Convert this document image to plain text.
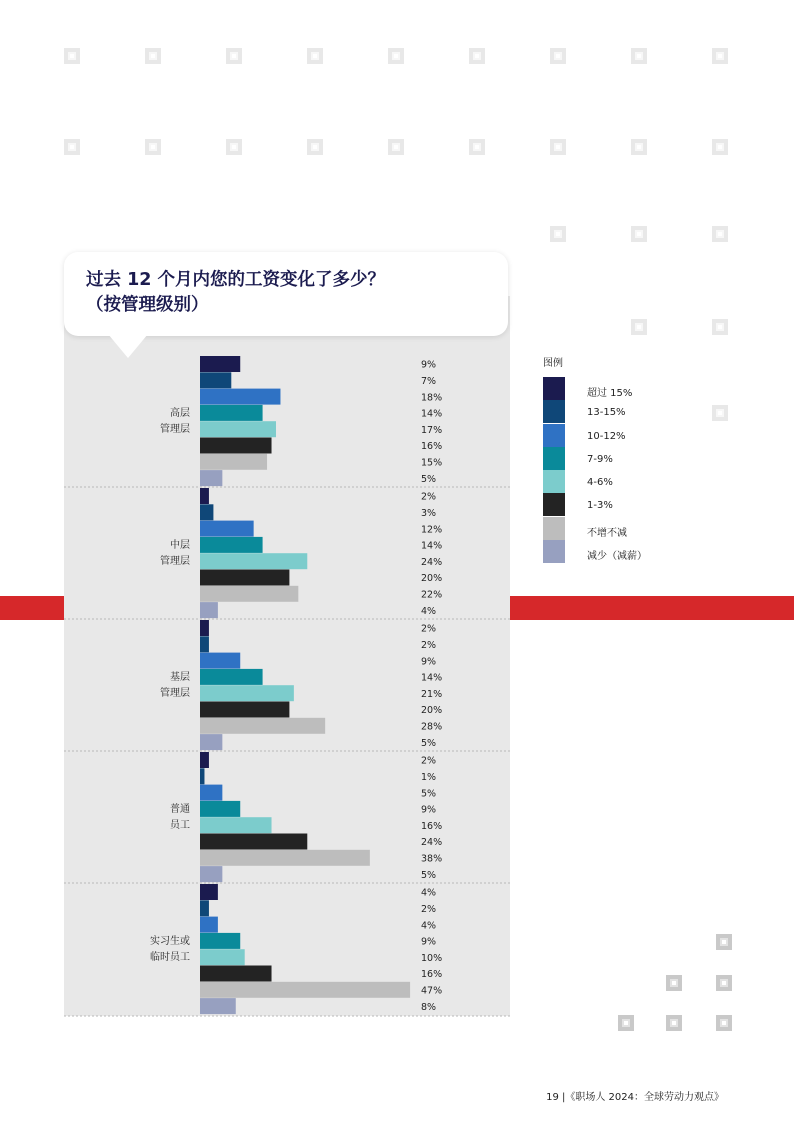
过去 12 个月内您的工资变化了多少？
（按管理级别）
9%
7%
18%
14%
17%
16%
15%
5%
高层
管理层
2%
3%
12%
14%
24%
20%
22%
4%
中层
管理层
2%
2%
9%
14%
21%
20%
28%
5%
基层
管理层
2%
1%
5%
9%
16%
24%
38%
5%
普通
员工
4%
2%
4%
9%
10%
16%
47%
8%
实习生或
临时员工
图例
超过 15%
13-15%
10-12%
7-9%
4-6%
1-3%
不增不减
减少（减薪）
19 |《职场人 2024：全球劳动力观点》
